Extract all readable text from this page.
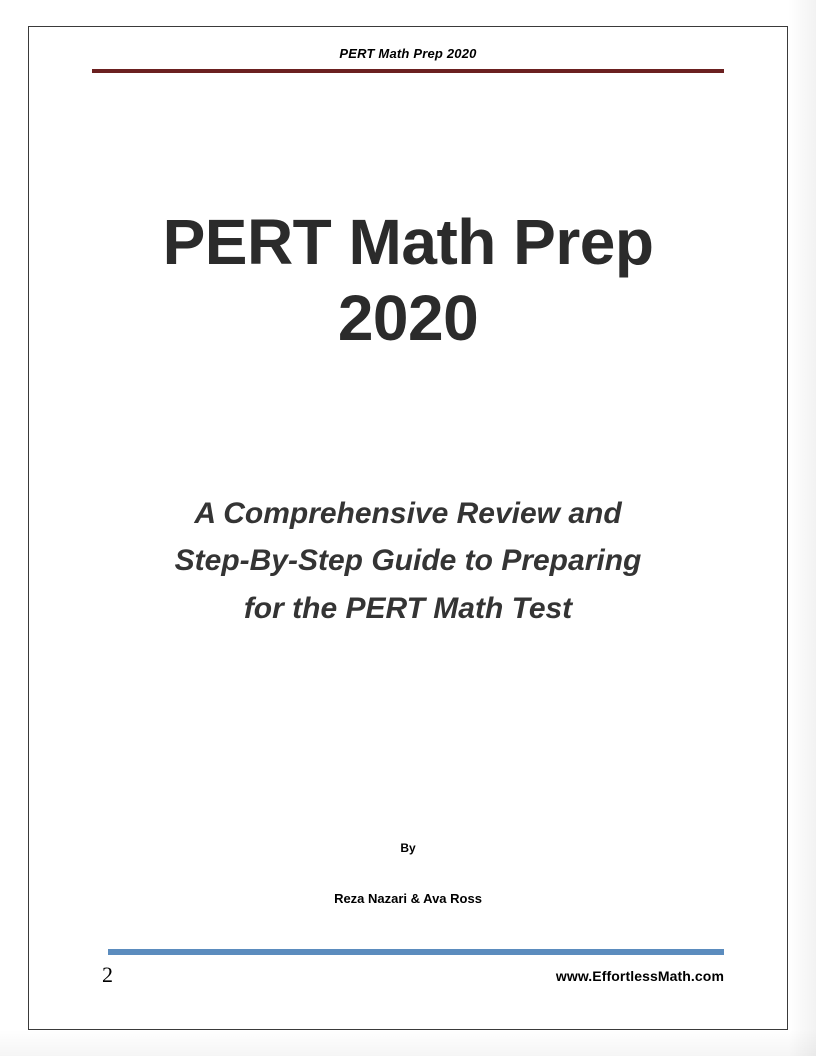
PERT Math Prep 2020
PERT Math Prep
2020
A Comprehensive Review and
Step-By-Step Guide to Preparing
for the PERT Math Test
By
Reza Nazari & Ava Ross
2	www.EffortlessMath.com
